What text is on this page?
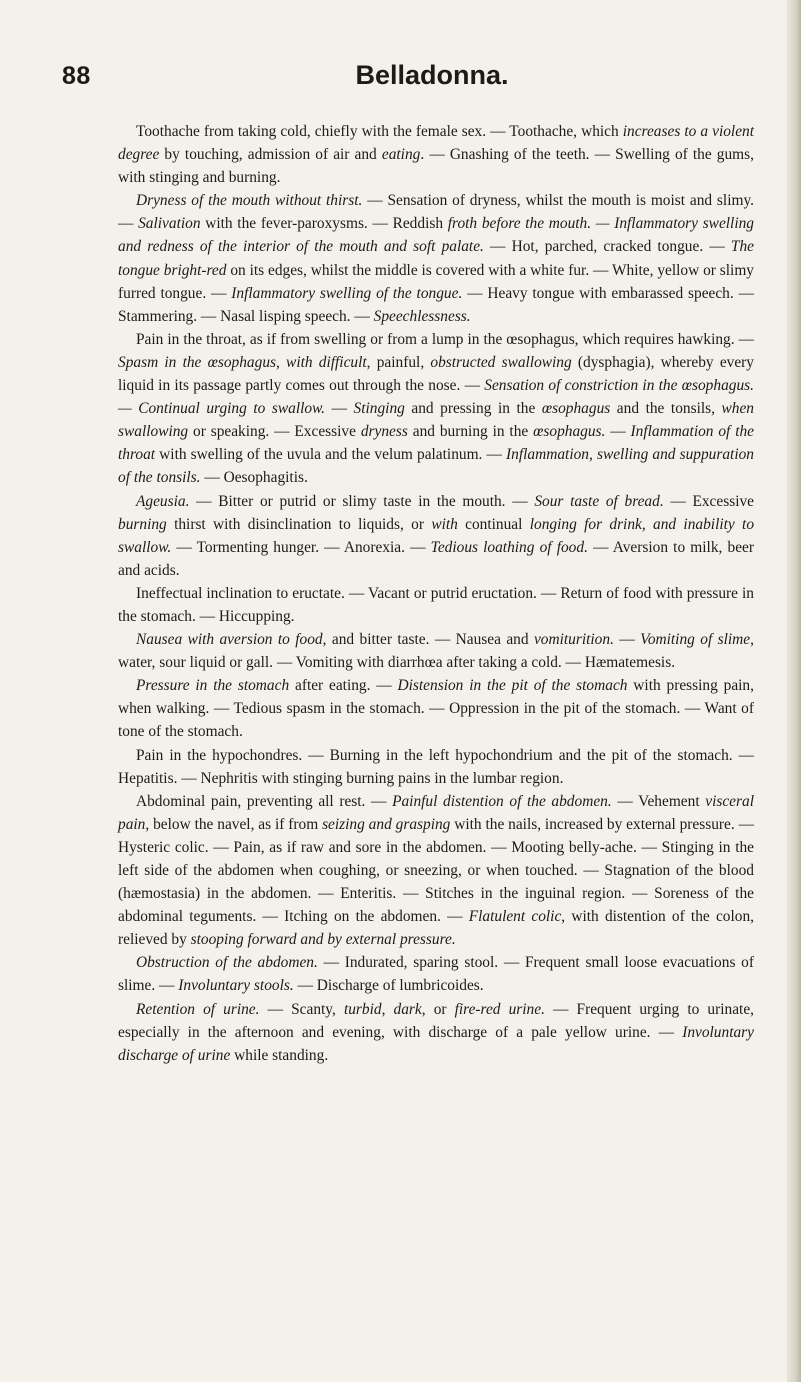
88	Belladonna.

Toothache from taking cold, chiefly with the female sex. — Toothache, which increases to a violent degree by touching, admission of air and eating. — Gnashing of the teeth. — Swelling of the gums, with stinging and burning.

Dryness of the mouth without thirst. — Sensation of dryness, whilst the mouth is moist and slimy. — Salivation with the fever-paroxysms. — Reddish froth before the mouth. — Inflammatory swelling and redness of the interior of the mouth and soft palate. — Hot, parched, cracked tongue. — The tongue bright-red on its edges, whilst the middle is covered with a white fur. — White, yellow or slimy furred tongue. — Inflammatory swelling of the tongue. — Heavy tongue with embarassed speech. — Stammering. — Nasal lisping speech. — Speechlessness.

Pain in the throat, as if from swelling or from a lump in the œsophagus, which requires hawking. — Spasm in the œsophagus, with difficult, painful, obstructed swallowing (dysphagia), whereby every liquid in its passage partly comes out through the nose. — Sensation of constriction in the œsophagus. — Continual urging to swallow. — Stinging and pressing in the œsophagus and the tonsils, when swallowing or speaking. — Excessive dryness and burning in the œsophagus. — Inflammation of the throat with swelling of the uvula and the velum palatinum. — Inflammation, swelling and suppuration of the tonsils. — Oesophagitis.

Ageusia. — Bitter or putrid or slimy taste in the mouth. — Sour taste of bread. — Excessive burning thirst with disinclination to liquids, or with continual longing for drink, and inability to swallow. — Tormenting hunger. — Anorexia. — Tedious loathing of food. — Aversion to milk, beer and acids.

Ineffectual inclination to eructate. — Vacant or putrid eructation. — Return of food with pressure in the stomach. — Hiccupping.

Nausea with aversion to food, and bitter taste. — Nausea and vomiturition. — Vomiting of slime, water, sour liquid or gall. — Vomiting with diarrhœa after taking a cold. — Hæmatemesis.

Pressure in the stomach after eating. — Distension in the pit of the stomach with pressing pain, when walking. — Tedious spasm in the stomach. — Oppression in the pit of the stomach. — Want of tone of the stomach.

Pain in the hypochondres. — Burning in the left hypochondrium and the pit of the stomach. — Hepatitis. — Nephritis with stinging burning pains in the lumbar region.

Abdominal pain, preventing all rest. — Painful distention of the abdomen. — Vehement visceral pain, below the navel, as if from seizing and grasping with the nails, increased by external pressure. — Hysteric colic. — Pain, as if raw and sore in the abdomen. — Mooting belly-ache. — Stinging in the left side of the abdomen when coughing, or sneezing, or when touched. — Stagnation of the blood (hæmostasia) in the abdomen. — Enteritis. — Stitches in the inguinal region. — Soreness of the abdominal teguments. — Itching on the abdomen. — Flatulent colic, with distention of the colon, relieved by stooping forward and by external pressure.

Obstruction of the abdomen. — Indurated, sparing stool. — Frequent small loose evacuations of slime. — Involuntary stools. — Discharge of lumbricoides.

Retention of urine. — Scanty, turbid, dark, or fire-red urine. — Frequent urging to urinate, especially in the afternoon and evening, with discharge of a pale yellow urine. — Involuntary discharge of urine while standing.
